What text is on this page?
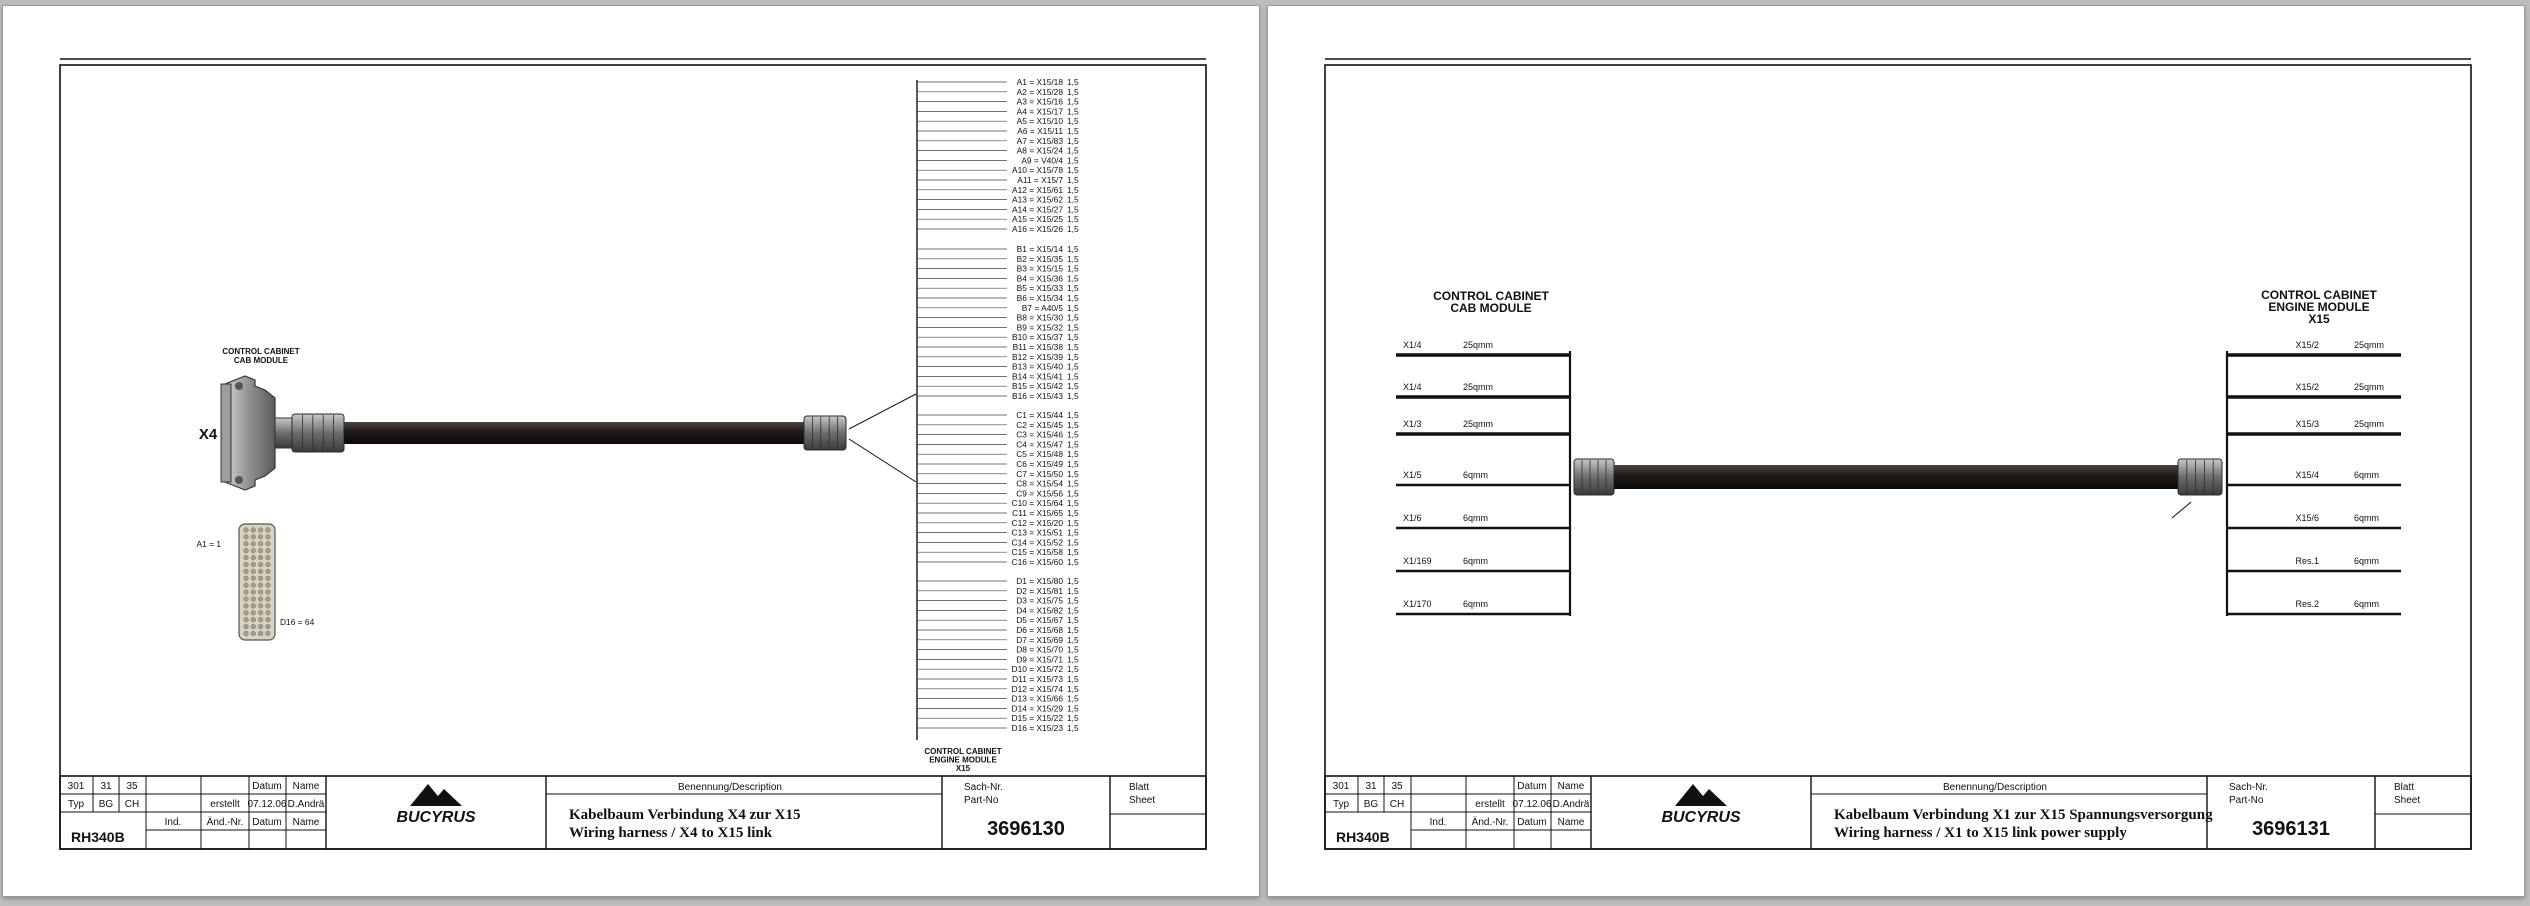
CONTROL CABINET
CAB MODULE
X4
A1 = 1
D16 = 64
A1 = X15/18 1,5
A2 = X15/28 1,5
A3 = X15/16 1,5
A4 = X15/17 1,5
A5 = X15/10 1,5
A6 = X15/11 1,5
A7 = X15/83 1,5
A8 = X15/24 1,5
A9 = V40/4 1,5
A10 = X15/78 1,5
A11 = X15/7 1,5
A12 = X15/61 1,5
A13 = X15/62 1,5
A14 = X15/27 1,5
A15 = X15/25 1,5
A16 = X15/26 1,5
B1 = X15/14 1,5
B2 = X15/35 1,5
B3 = X15/15 1,5
B4 = X15/36 1,5
B5 = X15/33 1,5
B6 = X15/34 1,5
B7 = A40/5 1,5
B8 = X15/30 1,5
B9 = X15/32 1,5
B10 = X15/37 1,5
B11 = X15/38 1,5
B12 = X15/39 1,5
B13 = X15/40 1,5
B14 = X15/41 1,5
B15 = X15/42 1,5
B16 = X15/43 1,5
C1 = X15/44 1,5
C2 = X15/45 1,5
C3 = X15/46 1,5
C4 = X15/47 1,5
C5 = X15/48 1,5
C6 = X15/49 1,5
C7 = X15/50 1,5
C8 = X15/54 1,5
C9 = X15/56 1,5
C10 = X15/64 1,5
C11 = X15/65 1,5
C12 = X15/20 1,5
C13 = X15/51 1,5
C14 = X15/52 1,5
C15 = X15/58 1,5
C16 = X15/60 1,5
D1 = X15/80 1,5
D2 = X15/81 1,5
D3 = X15/75 1,5
D4 = X15/82 1,5
D5 = X15/67 1,5
D6 = X15/68 1,5
D7 = X15/69 1,5
D8 = X15/70 1,5
D9 = X15/71 1,5
D10 = X15/72 1,5
D11 = X15/73 1,5
D12 = X15/74 1,5
D13 = X15/66 1,5
D14 = X15/29 1,5
D15 = X15/22 1,5
D16 = X15/23 1,5
CONTROL CABINET
ENGINE MODULE
X15
301 31 35
Typ BG CH
Datum Name
erstellt 07.12.06 D.Andrä
Ind.	Änd.-Nr. Datum Name
RH340B
BUCYRUS
Benennung/Description
Kabelbaum Verbindung X4 zur X15
Wiring harness / X4 to X15 link
Sach-Nr.
Part-No
3696130
Blatt
Sheet
CONTROL CABINET
CAB MODULE
CONTROL CABINET
ENGINE MODULE
X15
X1/4	25qmm
X1/4	25qmm
X1/3	25qmm
X1/5	6qmm
X1/6	6qmm
X1/169	6qmm
X1/170	6qmm
X15/2	25qmm
X15/2	25qmm
X15/3	25qmm
X15/4	6qmm
X15/6	6qmm
Res.1	6qmm
Res.2	6qmm
301 31 35
Typ BG CH
Datum Name
erstellt 07.12.06 D.Andrä
Ind.	Änd.-Nr. Datum Name
RH340B
BUCYRUS
Benennung/Description
Kabelbaum Verbindung X1 zur X15 Spannungsversorgung
Wiring harness / X1 to X15 link power supply
Sach-Nr.
Part-No
3696131
Blatt
Sheet
